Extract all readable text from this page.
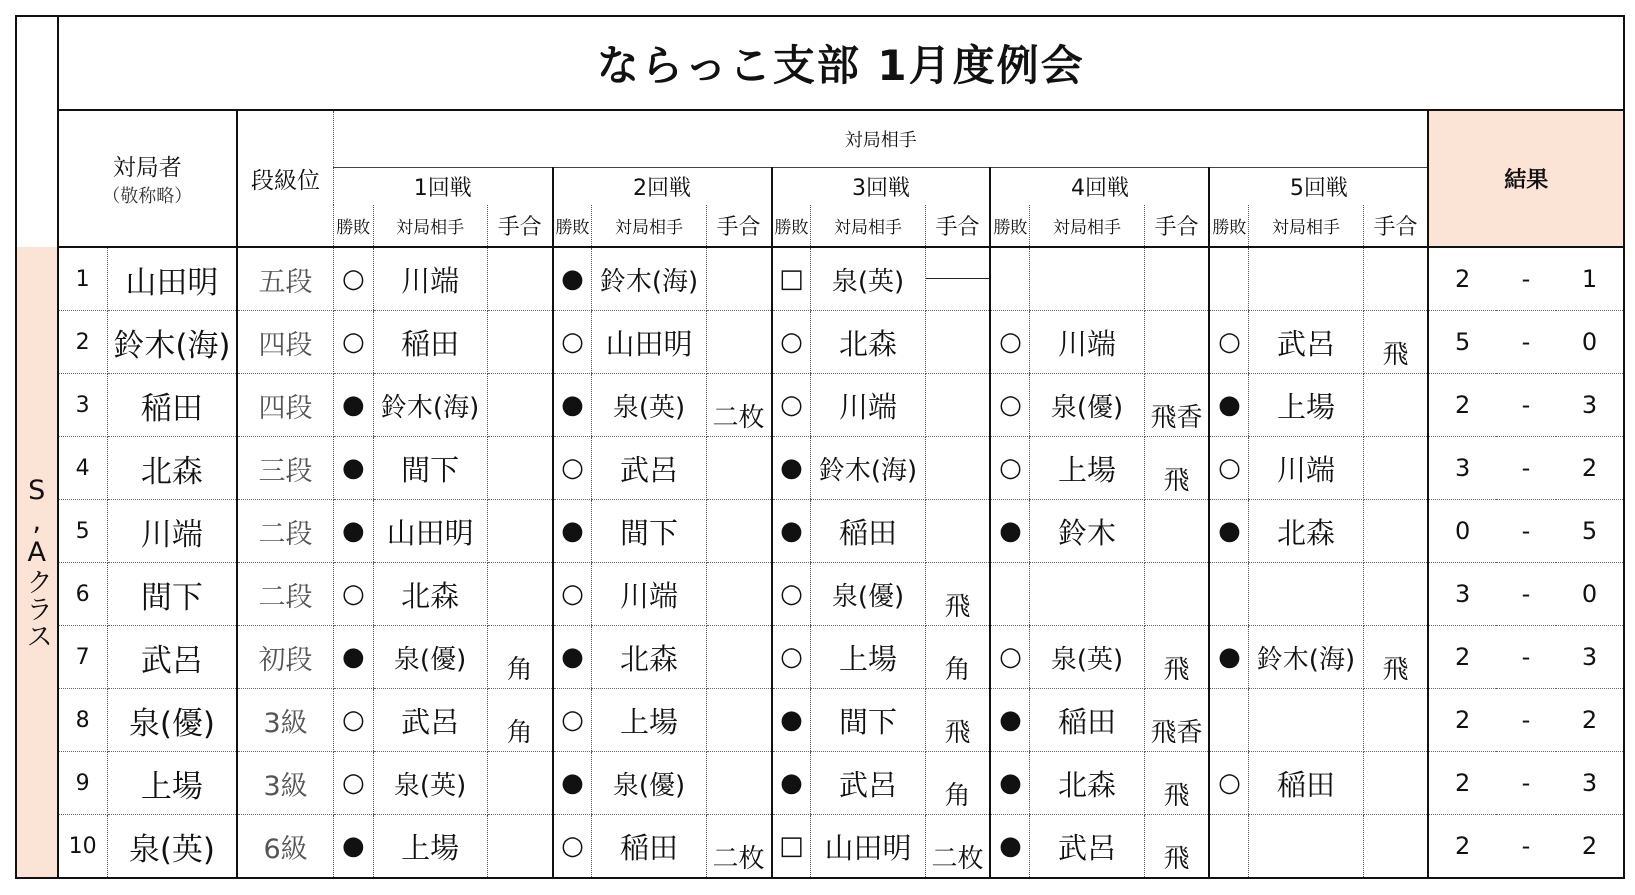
	ならっこ支部 1月度例会																				

	対局者
（敬称略）		段級位	対局相手															結果		
				1回戦			2回戦			3回戦			4回戦			5回戦					
				勝敗	対局相手	手合	勝敗	対局相手	手合	勝敗	対局相手	手合	勝敗	対局相手	手合	勝敗	対局相手	手合			
S,Aクラス	1	山田明	五段	○	川端		●	鈴木(海)		□	泉(英)								2	-	1
	2	鈴木(海)	四段	○	稲田		○	山田明		○	北森		○	川端		○	武呂	飛	5	-	0
	3	稲田	四段	●	鈴木(海)		●	泉(英)	二枚	○	川端		○	泉(優)	飛香	●	上場		2	-	3
	4	北森	三段	●	間下		○	武呂		●	鈴木(海)		○	上場	飛	○	川端		3	-	2
	5	川端	二段	●	山田明		●	間下		●	稲田		●	鈴木		●	北森		0	-	5
	6	間下	二段	○	北森		○	川端		○	泉(優)	飛							3	-	0
	7	武呂	初段	●	泉(優)	角	●	北森		○	上場	角	○	泉(英)	飛	●	鈴木(海)	飛	2	-	3
	8	泉(優)	3級	○	武呂	角	○	上場		●	間下	飛	●	稲田	飛香				2	-	2
	9	上場	3級	○	泉(英)		●	泉(優)		●	武呂	角	●	北森	飛	○	稲田		2	-	3
	10	泉(英)	6級	●	上場		○	稲田	二枚	□	山田明	二枚	●	武呂	飛				2	-	2
